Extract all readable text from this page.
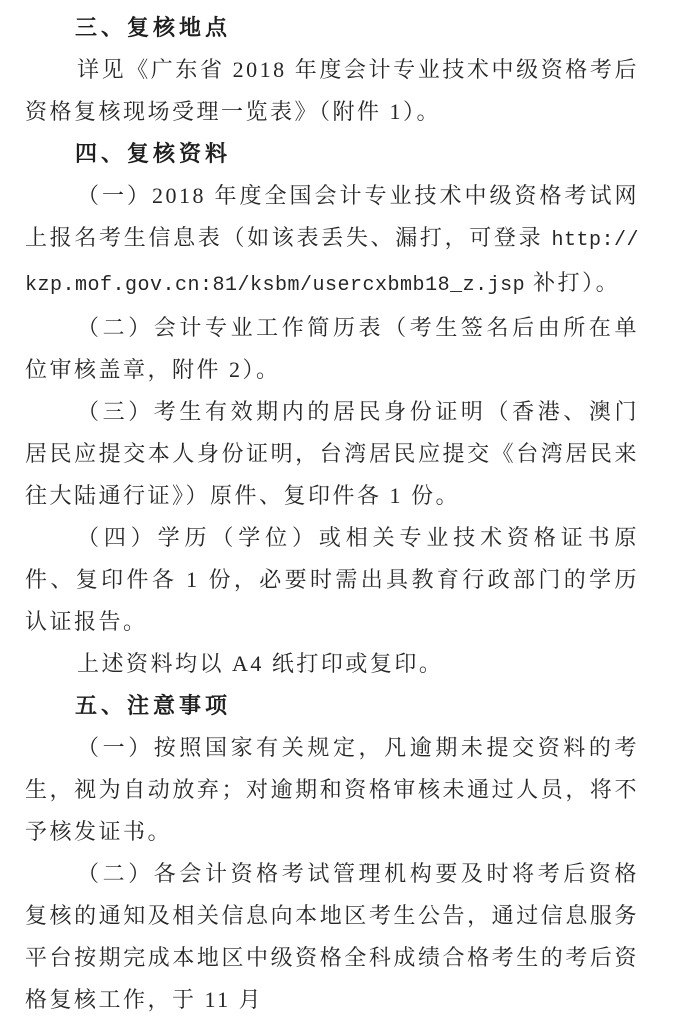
三、复核地点
详见《广东省 2018 年度会计专业技术中级资格考后资格复核现场受理一览表》（附件 1）。
四、复核资料
（一）2018 年度全国会计专业技术中级资格考试网上报名考生信息表（如该表丢失、漏打，可登录 http://kzp.mof.gov.cn:81/ksbm/usercxbmb18_z.jsp 补打）。
（二）会计专业工作简历表（考生签名后由所在单位审核盖章，附件 2）。
（三）考生有效期内的居民身份证明（香港、澳门居民应提交本人身份证明，台湾居民应提交《台湾居民来往大陆通行证》）原件、复印件各 1 份。
（四）学历（学位）或相关专业技术资格证书原件、复印件各 1 份，必要时需出具教育行政部门的学历认证报告。
上述资料均以 A4 纸打印或复印。
五、注意事项
（一）按照国家有关规定，凡逾期未提交资料的考生，视为自动放弃；对逾期和资格审核未通过人员，将不予核发证书。
（二）各会计资格考试管理机构要及时将考后资格复核的通知及相关信息向本地区考生公告，通过信息服务平台按期完成本地区中级资格全科成绩合格考生的考后资格复核工作，于 11 月
